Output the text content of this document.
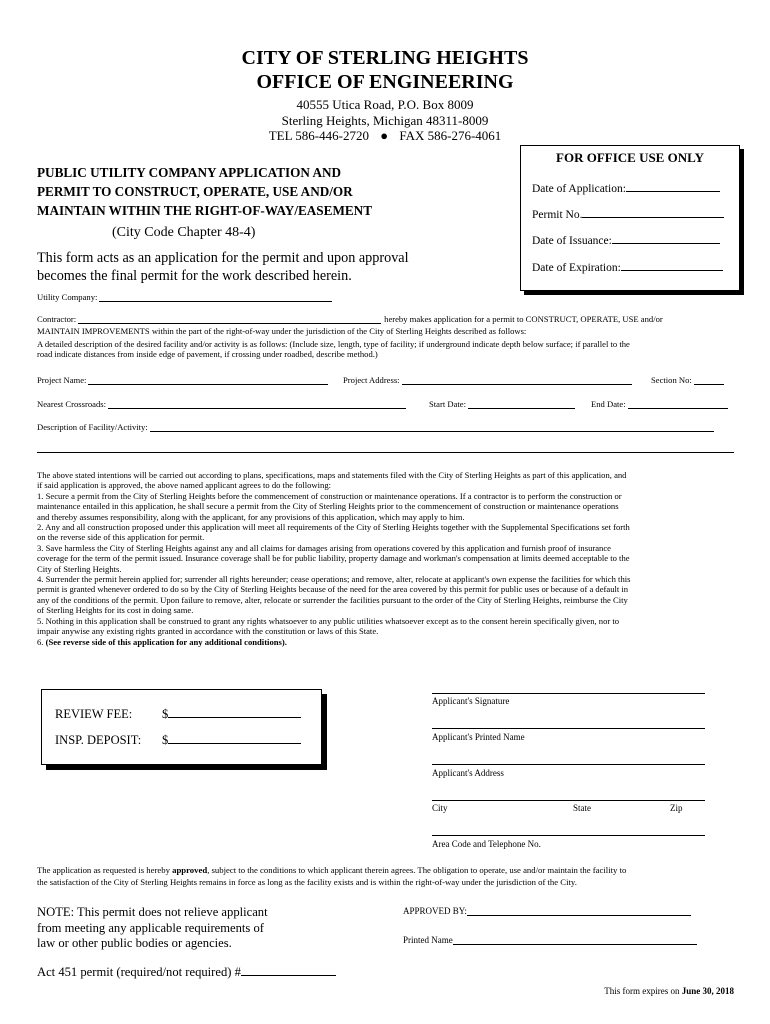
CITY OF STERLING HEIGHTS
OFFICE OF ENGINEERING
40555 Utica Road, P.O. Box 8009
Sterling Heights, Michigan 48311-8009
TEL 586-446-2720 ● FAX 586-276-4061
PUBLIC UTILITY COMPANY APPLICATION AND
PERMIT TO CONSTRUCT, OPERATE, USE AND/OR
MAINTAIN WITHIN THE RIGHT-OF-WAY/EASEMENT
(City Code Chapter 48-4)
This form acts as an application for the permit and upon approval
becomes the final permit for the work described herein.
FOR OFFICE USE ONLY
Date of Application:
Permit No.
Date of Issuance:
Date of Expiration:
Utility Company:
Contractor:	hereby makes application for a permit to CONSTRUCT, OPERATE, USE and/or
MAINTAIN IMPROVEMENTS within the part of the right-of-way under the jurisdiction of the City of Sterling Heights described as follows:
A detailed description of the desired facility and/or activity is as follows: (Include size, length, type of facility; if underground indicate depth below surface; if parallel to the
road indicate distances from inside edge of pavement, if crossing under roadbed, describe method.)
Project Name:	Project Address:	Section No:
Nearest Crossroads:	Start Date:	End Date:
Description of Facility/Activity:
The above stated intentions will be carried out according to plans, specifications, maps and statements filed with the City of Sterling Heights as part of this application, and
if said application is approved, the above named applicant agrees to do the following:
1. Secure a permit from the City of Sterling Heights before the commencement of construction or maintenance operations. If a contractor is to perform the construction or
maintenance entailed in this application, he shall secure a permit from the City of Sterling Heights prior to the commencement of construction or maintenance operations
and thereby assumes responsibility, along with the applicant, for any provisions of this application, which may apply to him.
2. Any and all construction proposed under this application will meet all requirements of the City of Sterling Heights together with the Supplemental Specifications set forth
on the reverse side of this application for permit.
3. Save harmless the City of Sterling Heights against any and all claims for damages arising from operations covered by this application and furnish proof of insurance
coverage for the term of the permit issued. Insurance coverage shall be for public liability, property damage and workman's compensation at limits deemed acceptable to the
City of Sterling Heights.
4. Surrender the permit herein applied for; surrender all rights hereunder; cease operations; and remove, alter, relocate at applicant's own expense the facilities for which this
permit is granted whenever ordered to do so by the City of Sterling Heights because of the need for the area covered by this permit for public uses or because of a default in
any of the conditions of the permit. Upon failure to remove, alter, relocate or surrender the facilities pursuant to the order of the City of Sterling Heights, reimburse the City
of Sterling Heights for its cost in doing same.
5. Nothing in this application shall be construed to grant any rights whatsoever to any public utilities whatsoever except as to the consent herein specifically given, nor to
impair anywise any existing rights granted in accordance with the constitution or laws of this State.
6. (See reverse side of this application for any additional conditions).
REVIEW FEE: $
INSP. DEPOSIT: $
Applicant's Signature
Applicant's Printed Name
Applicant's Address
City	State	Zip
Area Code and Telephone No.
The application as requested is hereby approved, subject to the conditions to which applicant therein agrees. The obligation to operate, use and/or maintain the facility to
the satisfaction of the City of Sterling Heights remains in force as long as the facility exists and is within the right-of-way under the jurisdiction of the City.
NOTE: This permit does not relieve applicant
from meeting any applicable requirements of
law or other public bodies or agencies.
APPROVED BY:
Printed Name
Act 451 permit (required/not required) #
This form expires on June 30, 2018
